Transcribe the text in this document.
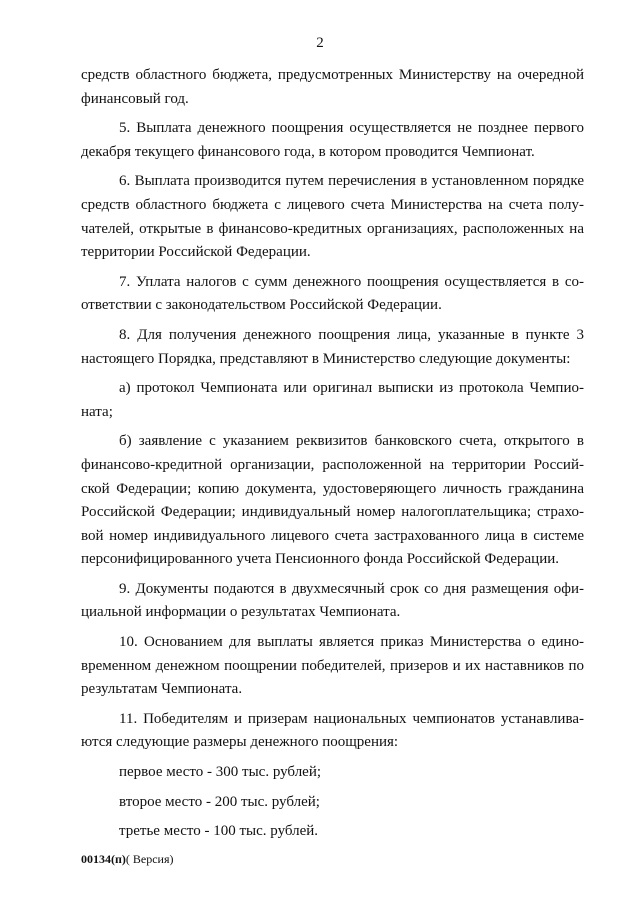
2

средств областного бюджета, предусмотренных Министерству на очередной
финансовый год.

5. Выплата денежного поощрения осуществляется не позднее первого
декабря текущего финансового года, в котором проводится Чемпионат.

6. Выплата производится путем перечисления в установленном порядке
средств областного бюджета с лицевого счета Министерства на счета полу-
чателей, открытые в финансово-кредитных организациях, расположенных на
территории Российской Федерации.

7. Уплата налогов с сумм денежного поощрения осуществляется в со-
ответствии с законодательством Российской Федерации.

8. Для получения денежного поощрения лица, указанные в пункте 3
настоящего Порядка, представляют в Министерство следующие документы:

а) протокол Чемпионата или оригинал выписки из протокола Чемпио-
ната;

б) заявление с указанием реквизитов банковского счета, открытого в
финансово-кредитной организации, расположенной на территории Россий-
ской Федерации; копию документа, удостоверяющего личность гражданина
Российской Федерации; индивидуальный номер налогоплательщика; страхо-
вой номер индивидуального лицевого счета застрахованного лица в системе
персонифицированного учета Пенсионного фонда Российской Федерации.

9. Документы подаются в двухмесячный срок со дня размещения офи-
циальной информации о результатах Чемпионата.

10. Основанием для выплаты является приказ Министерства о едино-
временном денежном поощрении победителей, призеров и их наставников по
результатам Чемпионата.

11. Победителям и призерам национальных чемпионатов устанавлива-
ются следующие размеры денежного поощрения:

первое место - 300 тыс. рублей;
второе место - 200 тыс. рублей;
третье место - 100 тыс. рублей.
00134(п)( Версия)
